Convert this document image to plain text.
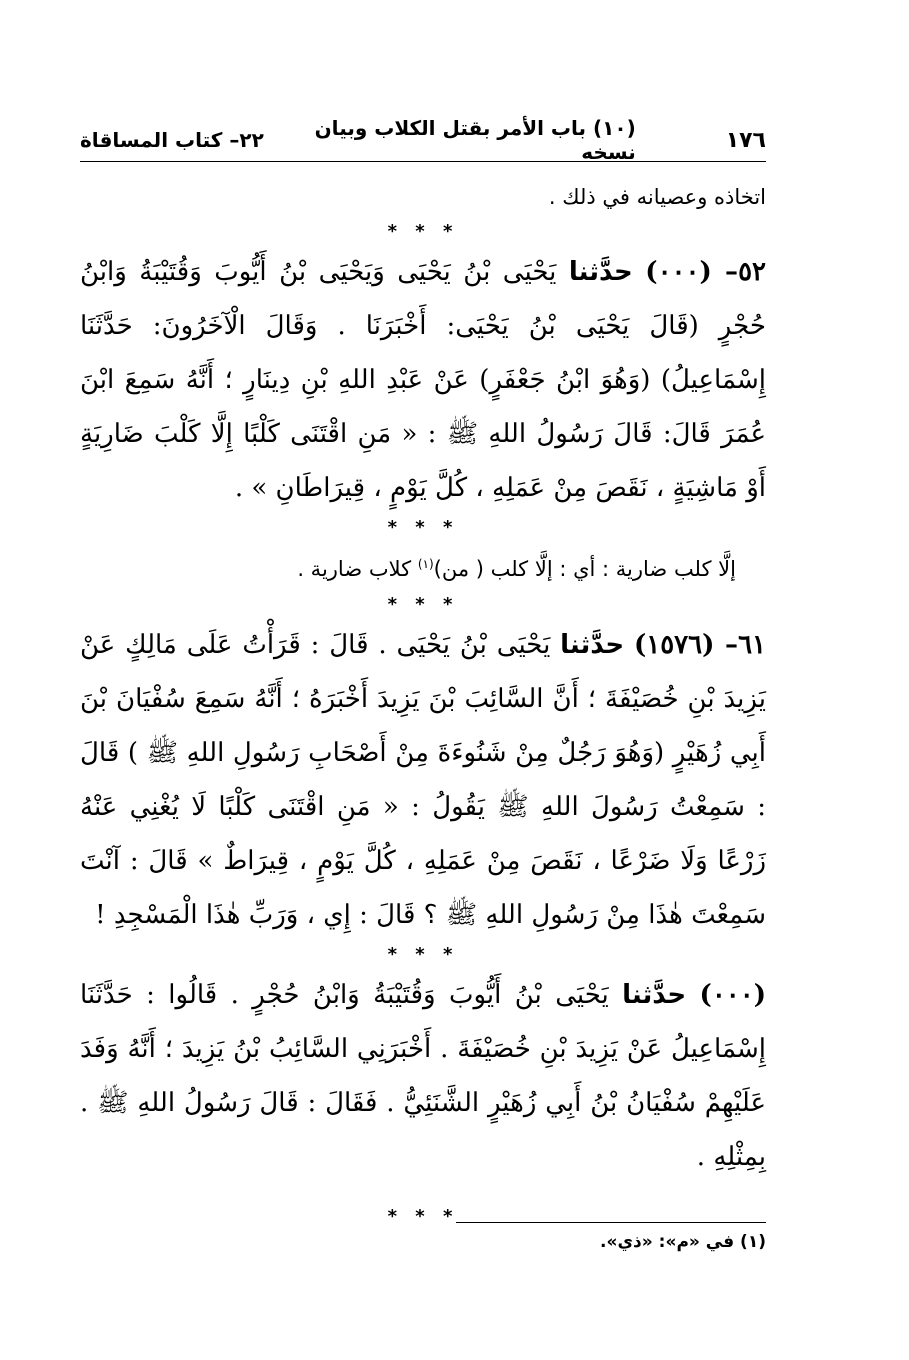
١٧٦
(١٠) باب الأمر بقتل الكلاب وبيان نسخه
٢٢– كتاب المساقاة

اتخاذه وعصيانه في ذلك .

* * *

٥٢– (٠٠٠) حدَّثنا يَحْيَى بْنُ يَحْيَى وَيَحْيَى بْنُ أَيُّوبَ وَقُتَيْبَةُ وَابْنُ حُجْرٍ (قَالَ يَحْيَى بْنُ يَحْيَى: أَخْبَرَنَا . وَقَالَ الْآخَرُونَ: حَدَّثَنَا إِسْمَاعِيلُ) (وَهُوَ ابْنُ جَعْفَرٍ) عَنْ عَبْدِ اللهِ بْنِ دِينَارٍ ؛ أَنَّهُ سَمِعَ ابْنَ عُمَرَ قَالَ: قَالَ رَسُولُ اللهِ ﷺ : « مَنِ اقْتَنَى كَلْبًا إِلَّا كَلْبَ ضَارِيَةٍ أَوْ مَاشِيَةٍ ، نَقَصَ مِنْ عَمَلِهِ ، كُلَّ يَوْمٍ ، قِيرَاطَانِ » .

* * *

إلَّا كلب ضارية : أي : إلَّا كلب ( من)$^{(١)}$ كلاب ضارية .

* * *

٦١– (١٥٧٦) حدَّثنا يَحْيَى بْنُ يَحْيَى . قَالَ : قَرَأْتُ عَلَى مَالِكٍ عَنْ يَزِيدَ بْنِ خُصَيْفَةَ ؛ أَنَّ السَّائِبَ بْنَ يَزِيدَ أَخْبَرَهُ ؛ أَنَّهُ سَمِعَ سُفْيَانَ بْنَ أَبِي زُهَيْرٍ (وَهُوَ رَجُلٌ مِنْ شَنُوءَةَ مِنْ أَصْحَابِ رَسُولِ اللهِ ﷺ ) قَالَ : سَمِعْتُ رَسُولَ اللهِ ﷺ يَقُولُ : « مَنِ اقْتَنَى كَلْبًا لَا يُغْنِي عَنْهُ زَرْعًا وَلَا ضَرْعًا ، نَقَصَ مِنْ عَمَلِهِ ، كُلَّ يَوْمٍ ، قِيرَاطٌ » قَالَ : آنْتَ سَمِعْتَ هٰذَا مِنْ رَسُولِ اللهِ ﷺ ؟ قَالَ : إِي ، وَرَبِّ هٰذَا الْمَسْجِدِ !

* * *

(٠٠٠) حدَّثنا يَحْيَى بْنُ أَيُّوبَ وَقُتَيْبَةُ وَابْنُ حُجْرٍ . قَالُوا : حَدَّثَنَا إِسْمَاعِيلُ عَنْ يَزِيدَ بْنِ خُصَيْفَةَ . أَخْبَرَنِي السَّائِبُ بْنُ يَزِيدَ ؛ أَنَّهُ وَفَدَ عَلَيْهِمْ سُفْيَانُ بْنُ أَبِي زُهَيْرٍ الشَّنَئِيُّ . فَقَالَ : قَالَ رَسُولُ اللهِ ﷺ . بِمِثْلِهِ .

* * *
(١) في «م»: «ذي».
